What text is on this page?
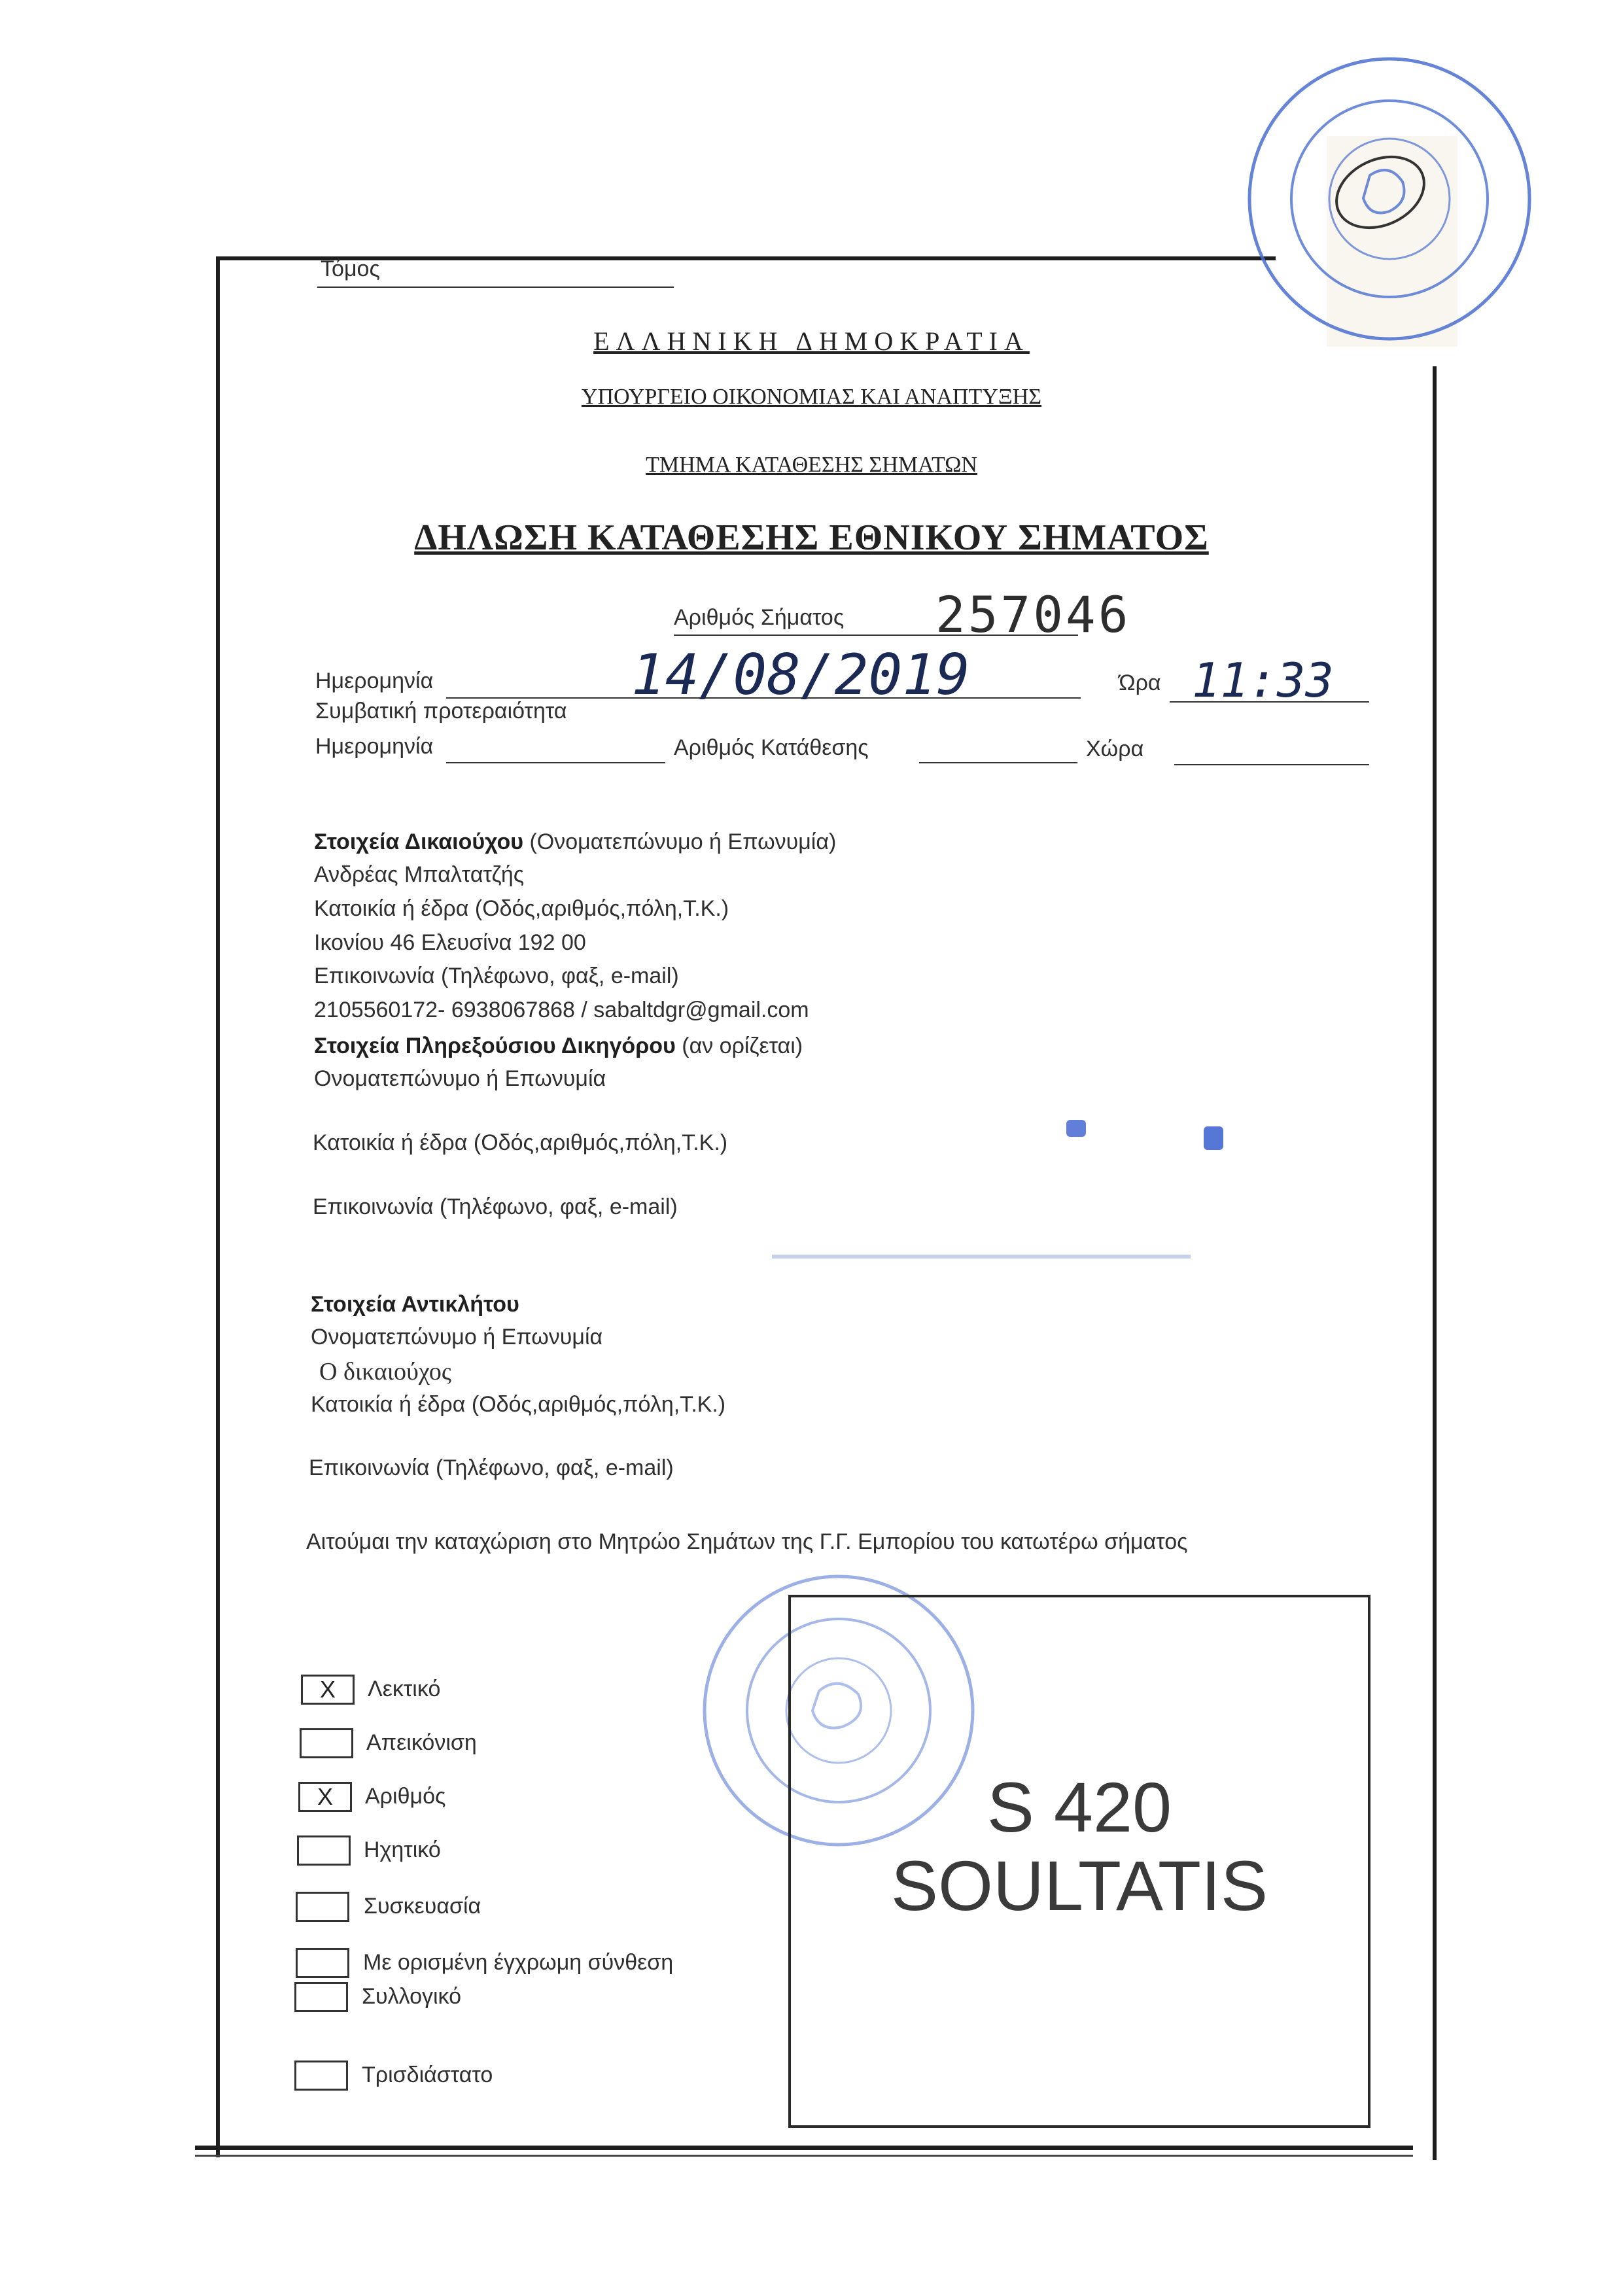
Τόμος
ΕΛΛΗΝΙΚΗ ΔΗΜΟΚΡΑΤΙΑ
ΥΠΟΥΡΓΕΙΟ ΟΙΚΟΝΟΜΙΑΣ ΚΑΙ ΑΝΑΠΤΥΞΗΣ
ΤΜΗΜΑ ΚΑΤΑΘΕΣΗΣ ΣΗΜΑΤΩΝ
ΔΗΛΩΣΗ ΚΑΤΑΘΕΣΗΣ ΕΘΝΙΚΟΥ ΣΗΜΑΤΟΣ
Αριθμός Σήματος 257046
Ημερομηνία	14/08/2019	Ώρα 11:33
Συμβατική προτεραιότητα
Ημερομηνία	Αριθμός Κατάθεσης	Χώρα
Στοιχεία Δικαιούχου (Ονοματεπώνυμο ή Επωνυμία)
Ανδρέας Μπαλτατζής
Κατοικία ή έδρα (Οδός,αριθμός,πόλη,Τ.Κ.)
Ικονίου 46 Ελευσίνα 192 00
Επικοινωνία (Τηλέφωνο, φαξ, e-mail)
2105560172- 6938067868 / sabaltdgr@gmail.com
Στοιχεία Πληρεξούσιου Δικηγόρου (αν ορίζεται)
Ονοματεπώνυμο ή Επωνυμία
Κατοικία ή έδρα (Οδός,αριθμός,πόλη,Τ.Κ.)
Επικοινωνία (Τηλέφωνο, φαξ, e-mail)
Στοιχεία Αντικλήτου
Ονοματεπώνυμο ή Επωνυμία
Ο δικαιούχος
Κατοικία ή έδρα (Οδός,αριθμός,πόλη,Τ.Κ.)
Επικοινωνία (Τηλέφωνο, φαξ, e-mail)
Αιτούμαι την καταχώριση στο Μητρώο Σημάτων της Γ.Γ. Εμπορίου του κατωτέρω σήματος
X	Λεκτικό
Απεικόνιση
X	Αριθμός
Ηχητικό
Συσκευασία
Με ορισμένη έγχρωμη σύνθεση
Συλλογικό
Τρισδιάστατο
S 420
SOULTATIS
